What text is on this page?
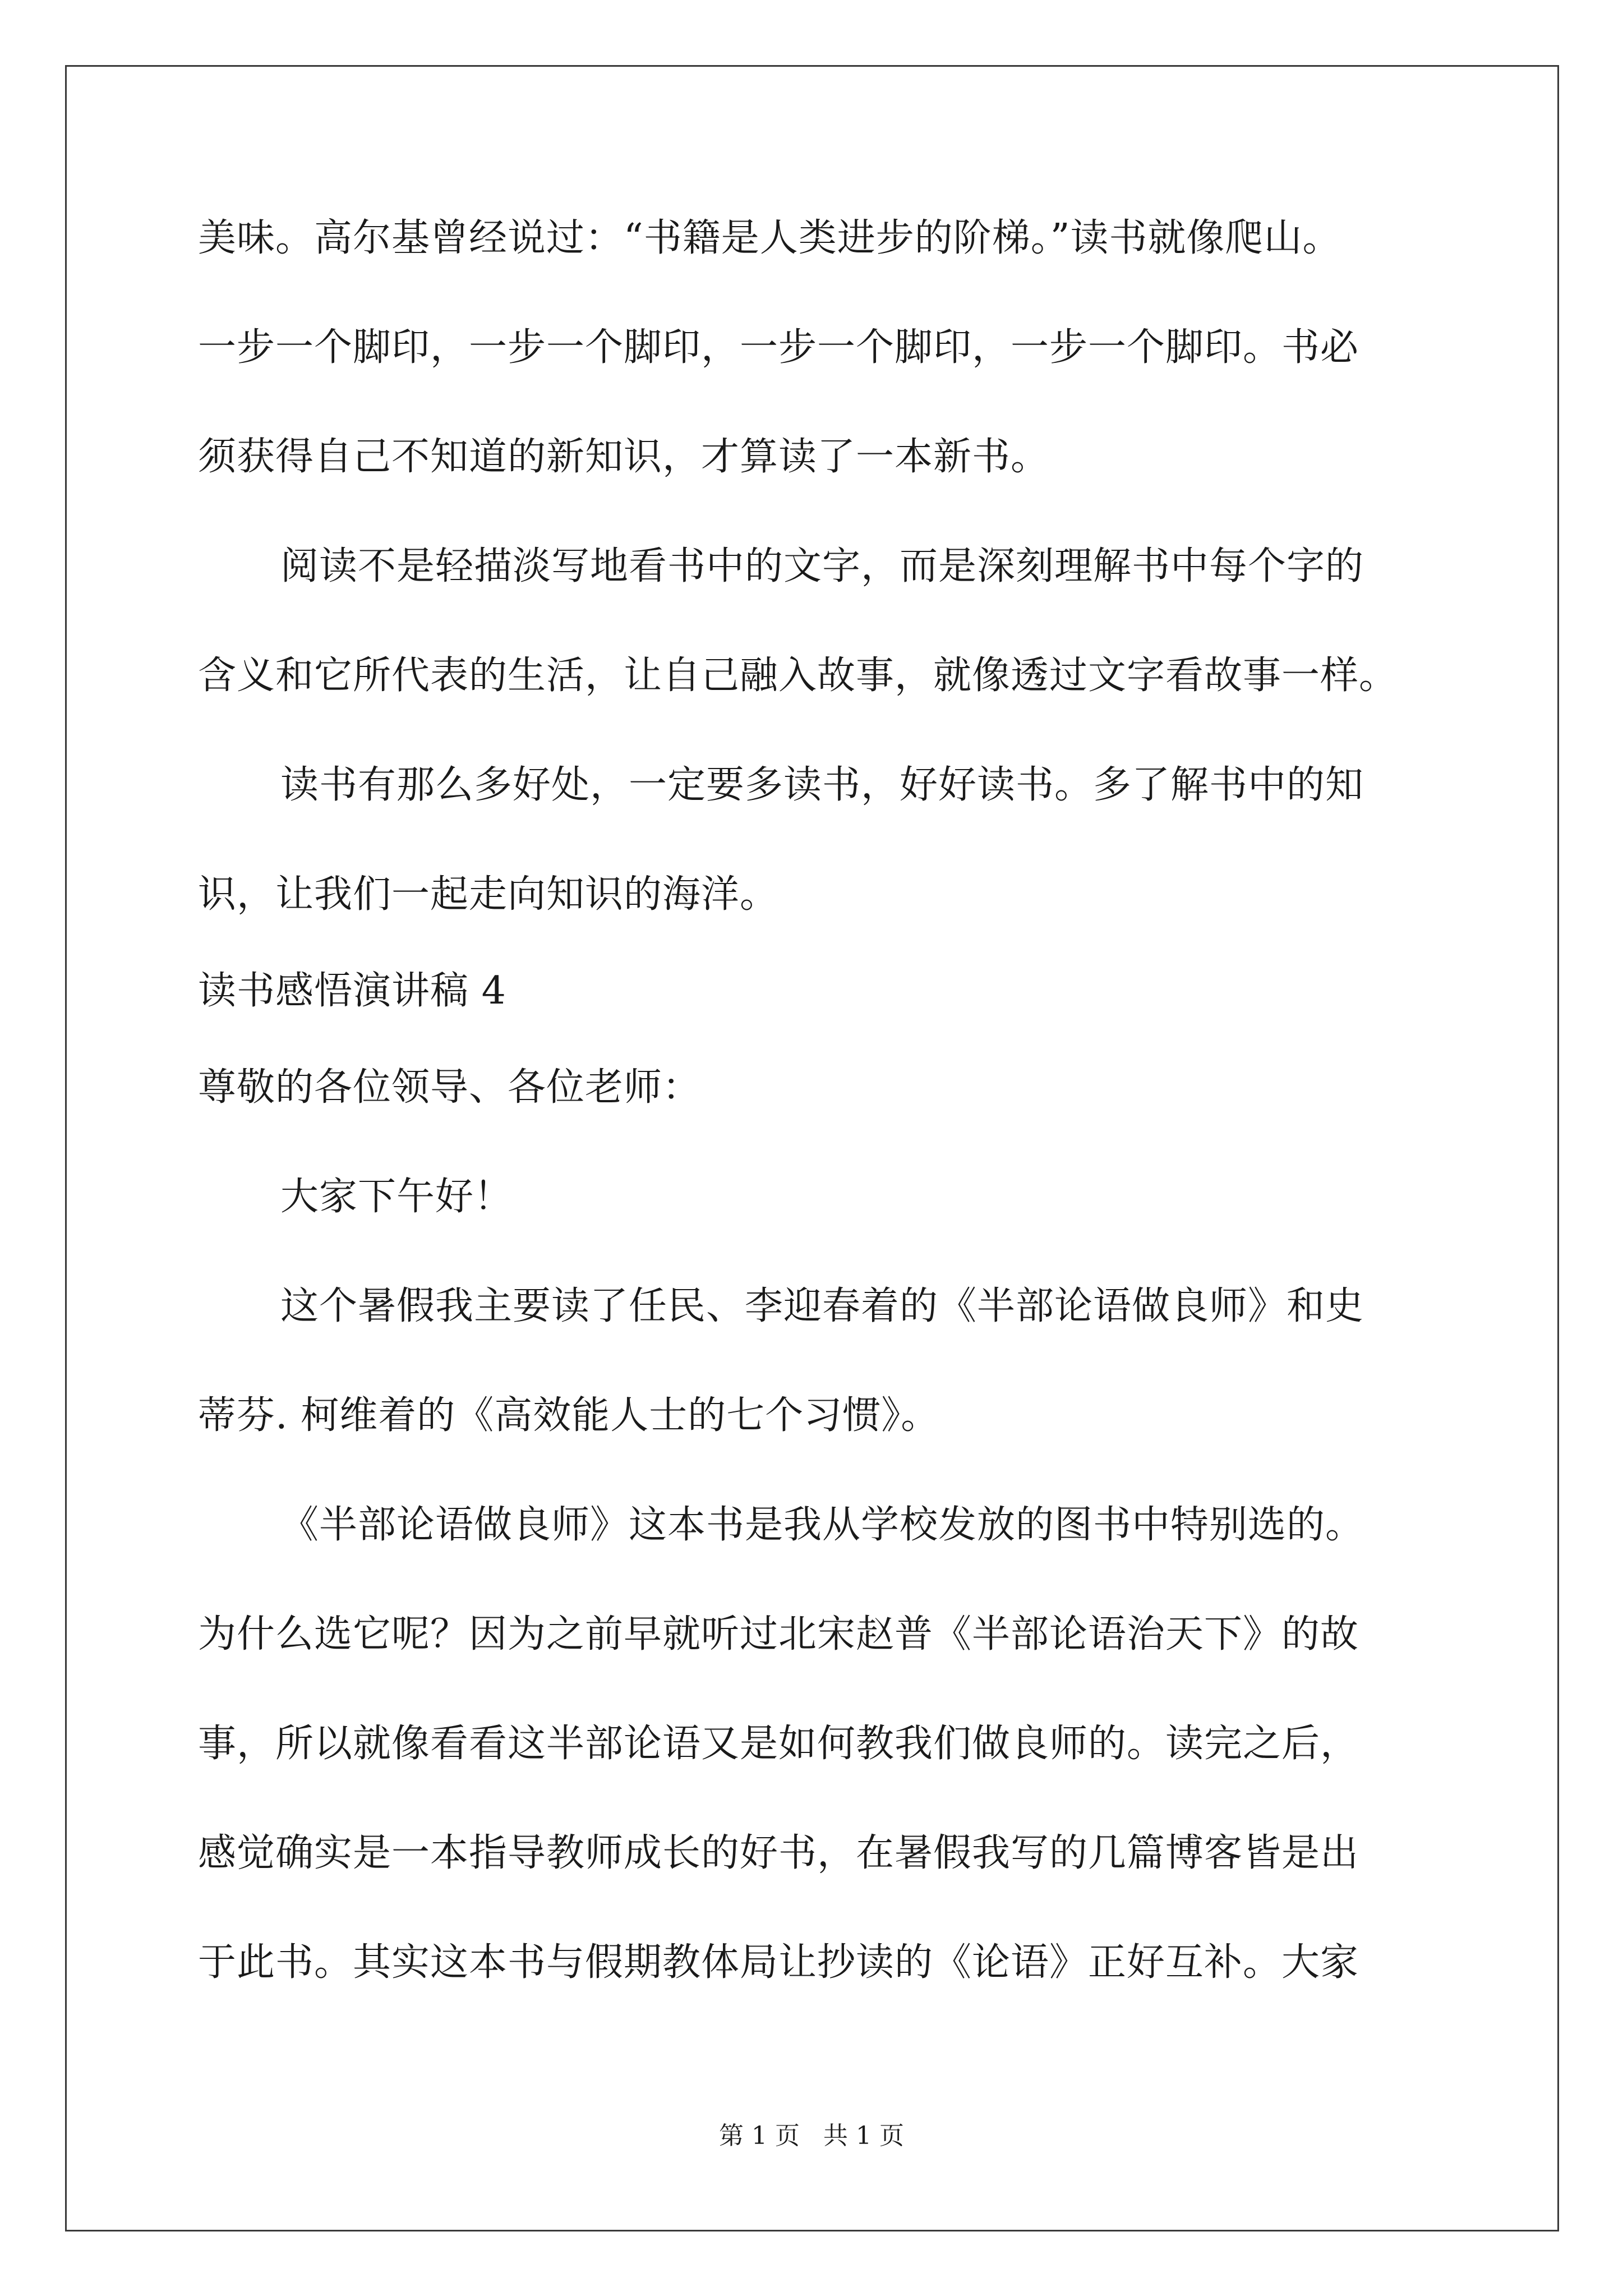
美味。高尔基曾经说过：“书籍是人类进步的阶梯。”读书就像爬山。
一步一个脚印，一步一个脚印，一步一个脚印，一步一个脚印。书必
须获得自己不知道的新知识，才算读了一本新书。
阅读不是轻描淡写地看书中的文字，而是深刻理解书中每个字的
含义和它所代表的生活，让自己融入故事，就像透过文字看故事一样。
读书有那么多好处，一定要多读书，好好读书。多了解书中的知
识，让我们一起走向知识的海洋。
读书感悟演讲稿 4
尊敬的各位领导、各位老师：
大家下午好！
这个暑假我主要读了任民、李迎春着的《半部论语做良师》和史
蒂芬. 柯维着的《高效能人士的七个习惯》。
《半部论语做良师》这本书是我从学校发放的图书中特别选的。
为什么选它呢？因为之前早就听过北宋赵普《半部论语治天下》的故
事，所以就像看看这半部论语又是如何教我们做良师的。读完之后，
感觉确实是一本指导教师成长的好书，在暑假我写的几篇博客皆是出
于此书。其实这本书与假期教体局让抄读的《论语》正好互补。大家
第 1 页   共 1 页
